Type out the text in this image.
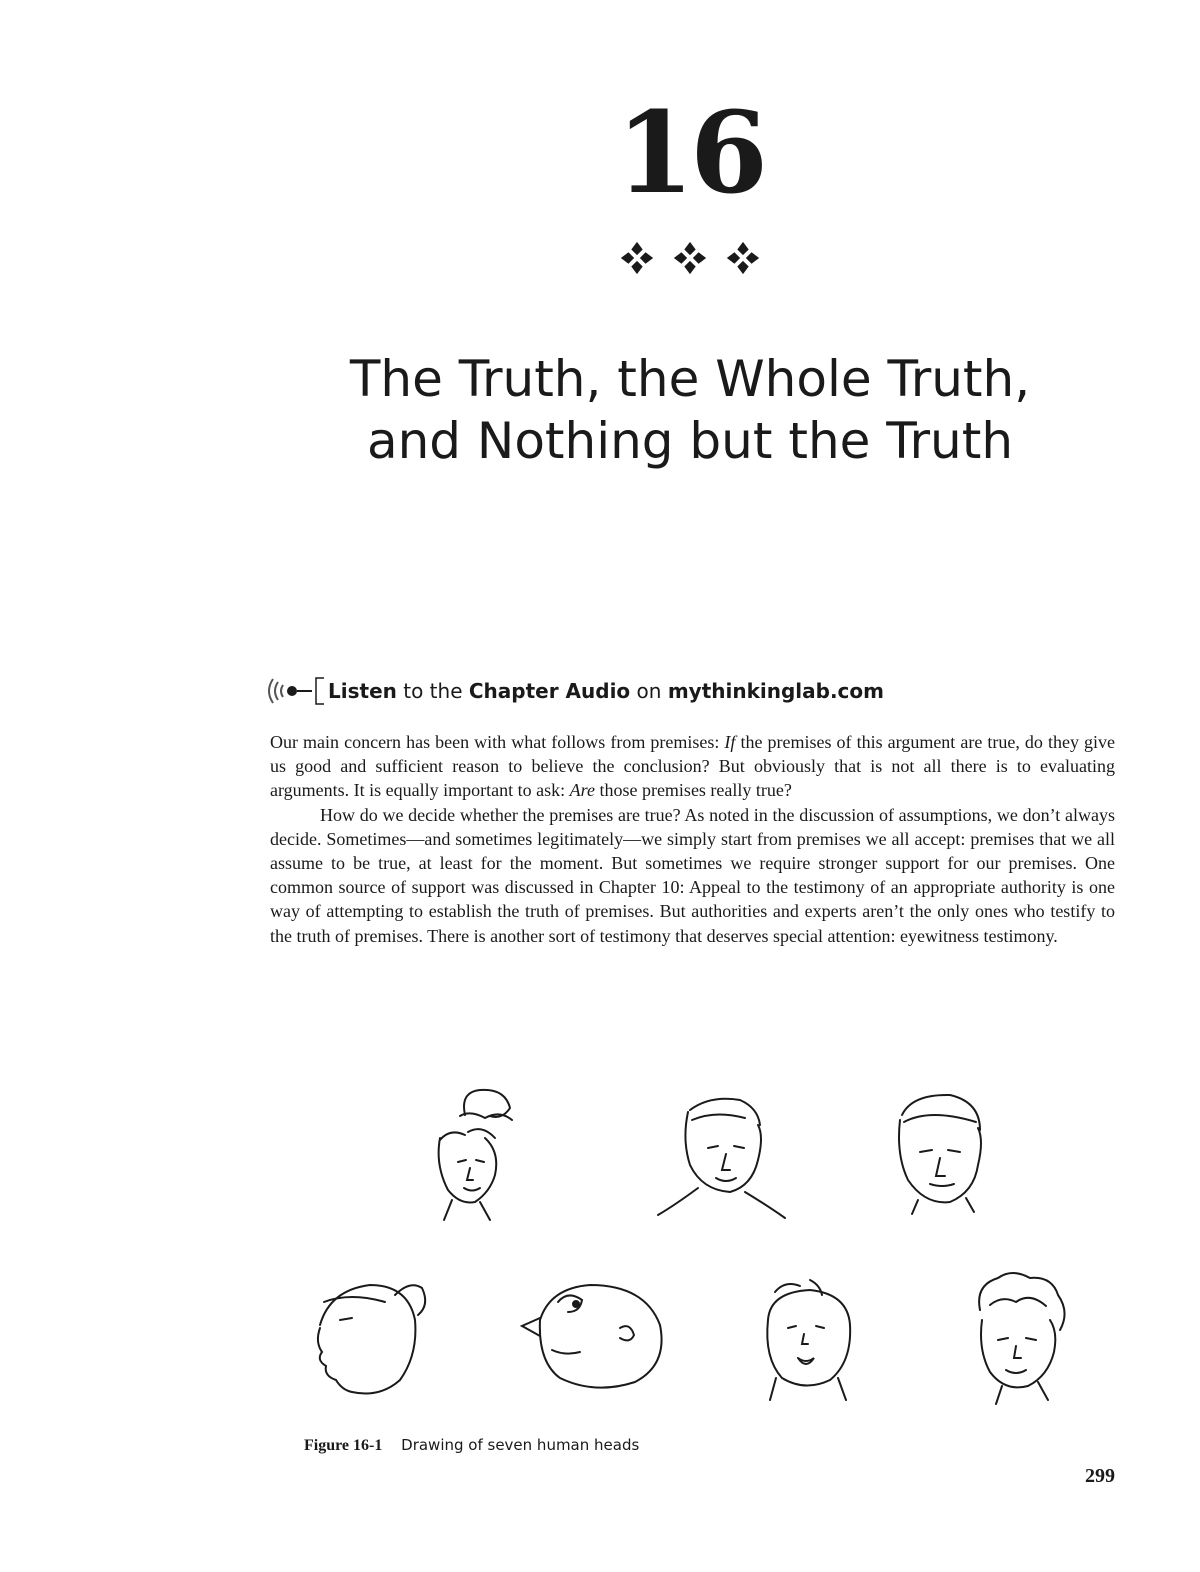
16
The Truth, the Whole Truth,
and Nothing but the Truth
Listen
to the
Chapter Audio
on
mythinkinglab.com

Our main concern has been with what follows from premises: If the premises of this argument are true, do they give us good and sufficient reason to believe the conclusion? But obviously that is not all there is to evaluating arguments. It is equally important to ask: Are those premises really true?

How do we decide whether the premises are true? As noted in the discussion of assumptions, we don’t always decide. Sometimes—and sometimes legitimately—we simply start from premises we all accept: premises that we all assume to be true, at least for the moment. But sometimes we require stronger support for our premises. One common source of support was discussed in Chapter 10: Appeal to the testimony of an appropriate authority is one way of attempting to establish the truth of premises. But authorities and experts aren’t the only ones who testify to the truth of premises. There is another sort of testimony that deserves special attention: eyewitness testimony.

Figure 16-1 Drawing of seven human heads
299
